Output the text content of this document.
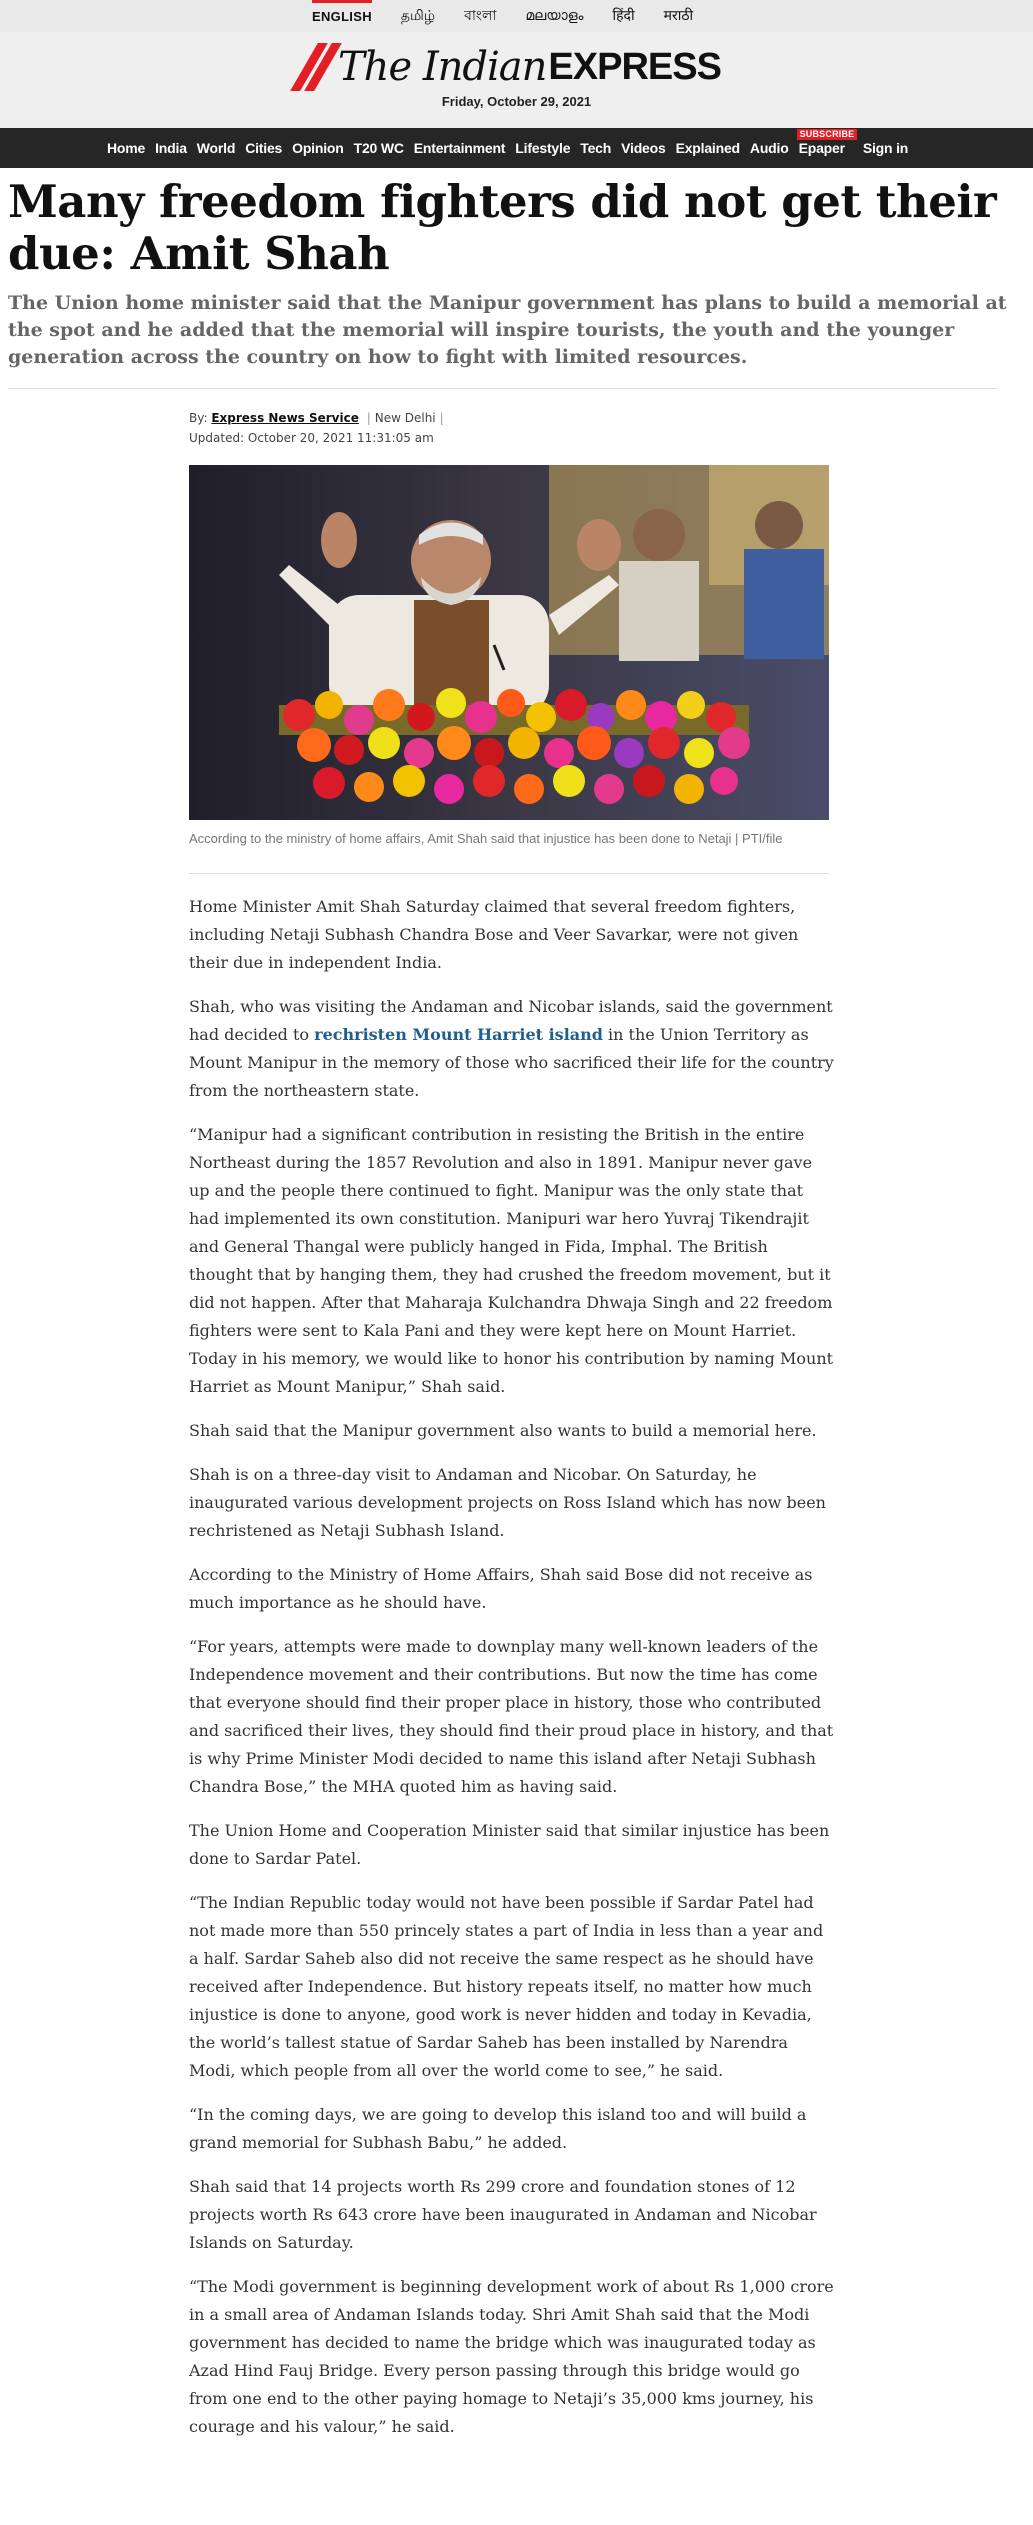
ENGLISH தமிழ் বাংলা മലയാളം हिंदी मराठी
The Indian EXPRESS
Friday, October 29, 2021
Home India World Cities Opinion T20 WC Entertainment Lifestyle Tech Videos Explained Audio
SUBSCRIBE
Epaper Sign in
Many freedom fighters did not get their due: Amit Shah
The Union home minister said that the Manipur government has plans to build a memorial at the spot and he added that the memorial will inspire tourists, the youth and the younger generation across the country on how to fight with limited resources.
By: Express News Service | New Delhi |
Updated: October 20, 2021 11:31:05 am
According to the ministry of home affairs, Amit Shah said that injustice has been done to Netaji | PTI/file

Home Minister Amit Shah Saturday claimed that several freedom fighters, including Netaji Subhash Chandra Bose and Veer Savarkar, were not given their due in independent India.

Shah, who was visiting the Andaman and Nicobar islands, said the government had decided to rechristen Mount Harriet island in the Union Territory as Mount Manipur in the memory of those who sacrificed their life for the country from the northeastern state.

“Manipur had a significant contribution in resisting the British in the entire Northeast during the 1857 Revolution and also in 1891. Manipur never gave up and the people there continued to fight. Manipur was the only state that had implemented its own constitution. Manipuri war hero Yuvraj Tikendrajit and General Thangal were publicly hanged in Fida, Imphal. The British thought that by hanging them, they had crushed the freedom movement, but it did not happen. After that Maharaja Kulchandra Dhwaja Singh and 22 freedom fighters were sent to Kala Pani and they were kept here on Mount Harriet. Today in his memory, we would like to honor his contribution by naming Mount Harriet as Mount Manipur,” Shah said.

Shah said that the Manipur government also wants to build a memorial here.

Shah is on a three-day visit to Andaman and Nicobar. On Saturday, he inaugurated various development projects on Ross Island which has now been rechristened as Netaji Subhash Island.

According to the Ministry of Home Affairs, Shah said Bose did not receive as much importance as he should have.

“For years, attempts were made to downplay many well-known leaders of the Independence movement and their contributions. But now the time has come that everyone should find their proper place in history, those who contributed and sacrificed their lives, they should find their proud place in history, and that is why Prime Minister Modi decided to name this island after Netaji Subhash Chandra Bose,” the MHA quoted him as having said.

The Union Home and Cooperation Minister said that similar injustice has been done to Sardar Patel.

“The Indian Republic today would not have been possible if Sardar Patel had not made more than 550 princely states a part of India in less than a year and a half. Sardar Saheb also did not receive the same respect as he should have received after Independence. But history repeats itself, no matter how much injustice is done to anyone, good work is never hidden and today in Kevadia, the world’s tallest statue of Sardar Saheb has been installed by Narendra Modi, which people from all over the world come to see,” he said.

“In the coming days, we are going to develop this island too and will build a grand memorial for Subhash Babu,” he added.

Shah said that 14 projects worth Rs 299 crore and foundation stones of 12 projects worth Rs 643 crore have been inaugurated in Andaman and Nicobar Islands on Saturday.

“The Modi government is beginning development work of about Rs 1,000 crore in a small area of Andaman Islands today. Shri Amit Shah said that the Modi government has decided to name the bridge which was inaugurated today as Azad Hind Fauj Bridge. Every person passing through this bridge would go from one end to the other paying homage to Netaji’s 35,000 kms journey, his courage and his valour,” he said.
